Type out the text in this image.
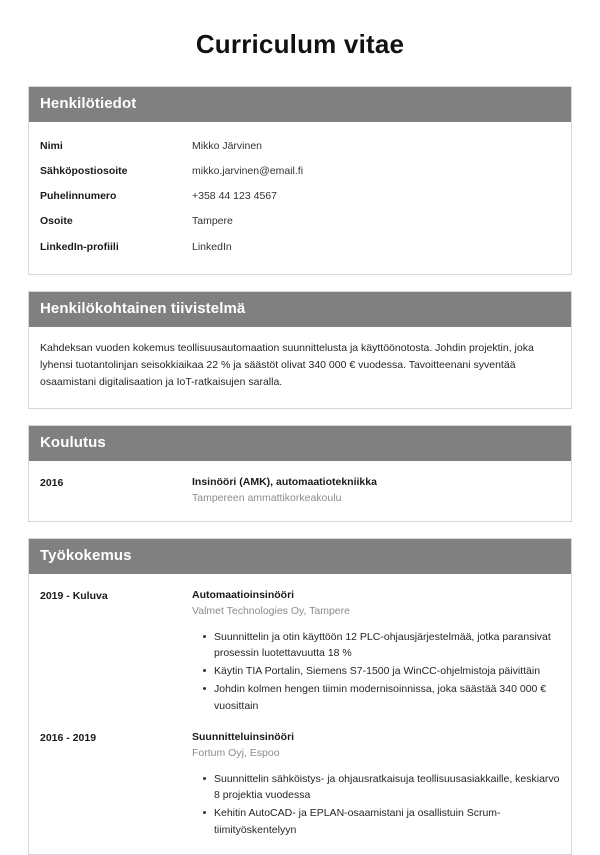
Curriculum vitae
Henkilötiedot
Nimi	Mikko Järvinen
Sähköpostiosoite	mikko.jarvinen@email.fi
Puhelinnumero	+358 44 123 4567
Osoite	Tampere
LinkedIn-profiili	LinkedIn
Henkilökohtainen tiivistelmä

Kahdeksan vuoden kokemus teollisuusautomaation suunnittelusta ja käyttöönotosta. Johdin projektin, joka lyhensi tuotantolinjan seisokkiaikaa 22 % ja säästöt olivat 340 000 € vuodessa. Tavoitteenani syventää osaamistani digitalisaation ja IoT-ratkaisujen saralla.

Koulutus
2016	Insinööri (AMK), automaatiotekniikka
Tampereen ammattikorkeakoulu
Työkokemus
2019 - Kuluva	Automaatioinsinööri
Valmet Technologies Oy, Tampere
Suunnittelin ja otin käyttöön 12 PLC-ohjausjärjestelmää, jotka paransivat prosessin luotettavuutta 18 %
Käytin TIA Portalin, Siemens S7-1500 ja WinCC-ohjelmistoja päivittäin
Johdin kolmen hengen tiimin modernisoinnissa, joka säästää 340 000 € vuosittain
2016 - 2019	Suunnitteluinsinööri
Fortum Oyj, Espoo
Suunnittelin sähköistys- ja ohjausratkaisuja teollisuusasiakkaille, keskiarvo 8 projektia vuodessa
Kehitin AutoCAD- ja EPLAN-osaamistani ja osallistuin Scrum-tiimityöskentelyyn
